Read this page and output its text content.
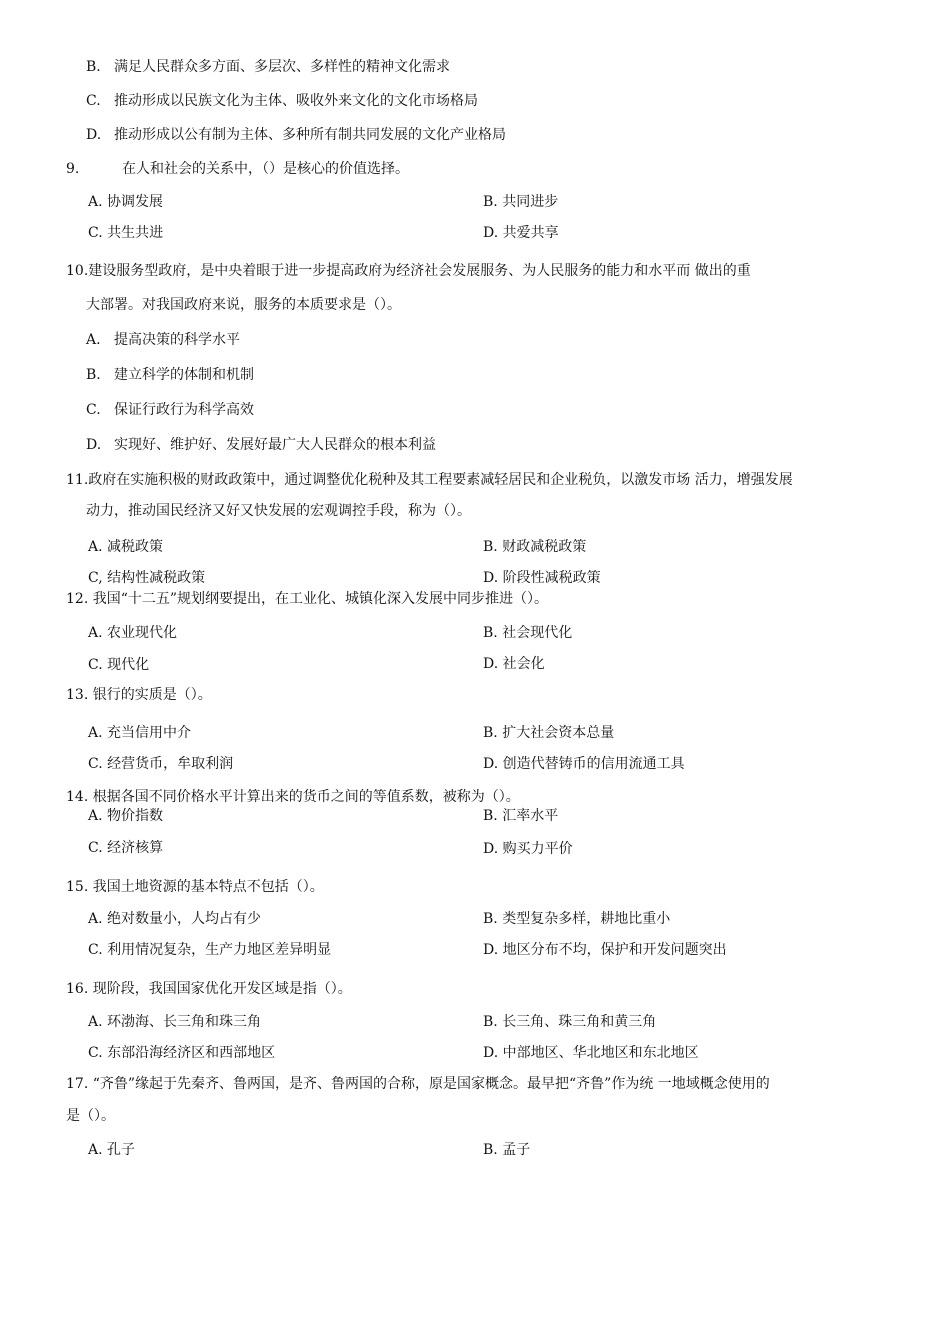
B. 满足人民群众多方面、多层次、多样性的精神文化需求
C. 推动形成以民族文化为主体、吸收外来文化的文化市场格局
D. 推动形成以公有制为主体、多种所有制共同发展的文化产业格局
9.	在人和社会的关系中，（）是核心的价值选择。
A. 协调发展	B. 共同进步
C. 共生共进	D. 共爱共享
10.建设服务型政府，是中央着眼于进一步提高政府为经济社会发展服务、为人民服务的能力和水平而 做出的重
大部署。对我国政府来说，服务的本质要求是（）。
A. 提高决策的科学水平
B. 建立科学的体制和机制
C. 保证行政行为科学高效
D. 实现好、维护好、发展好最广大人民群众的根本利益
11.政府在实施积极的财政政策中，通过调整优化税种及其工程要素减轻居民和企业税负，以激发市场 活力，增强发展
动力，推动国民经济又好又快发展的宏观调控手段，称为（）。
A. 减税政策	B. 财政减税政策
C, 结构性减税政策	D. 阶段性减税政策
12. 我国“十二五”规划纲要提出，在工业化、城镇化深入发展中同步推进（）。
A. 农业现代化	B. 社会现代化
C. 现代化	D. 社会化
13. 银行的实质是（）。
A. 充当信用中介	B. 扩大社会资本总量
C. 经营货币，牟取利润	D. 创造代替铸币的信用流通工具
14. 根据各国不同价格水平计算出来的货币之间的等值系数，被称为（）。
A. 物价指数	B. 汇率水平
C. 经济核算	D. 购买力平价
15. 我国土地资源的基本特点不包括（）。
A. 绝对数量小，人均占有少	B. 类型复杂多样，耕地比重小
C. 利用情况复杂，生产力地区差异明显	D. 地区分布不均，保护和开发问题突出
16. 现阶段，我国国家优化开发区域是指（）。
A. 环渤海、长三角和珠三角	B. 长三角、珠三角和黄三角
C. 东部沿海经济区和西部地区	D. 中部地区、华北地区和东北地区
17. “齐鲁”缘起于先秦齐、鲁两国，是齐、鲁两国的合称，原是国家概念。最早把“齐鲁”作为统 一地域概念使用的
是（）。
A. 孔子	B. 孟子
